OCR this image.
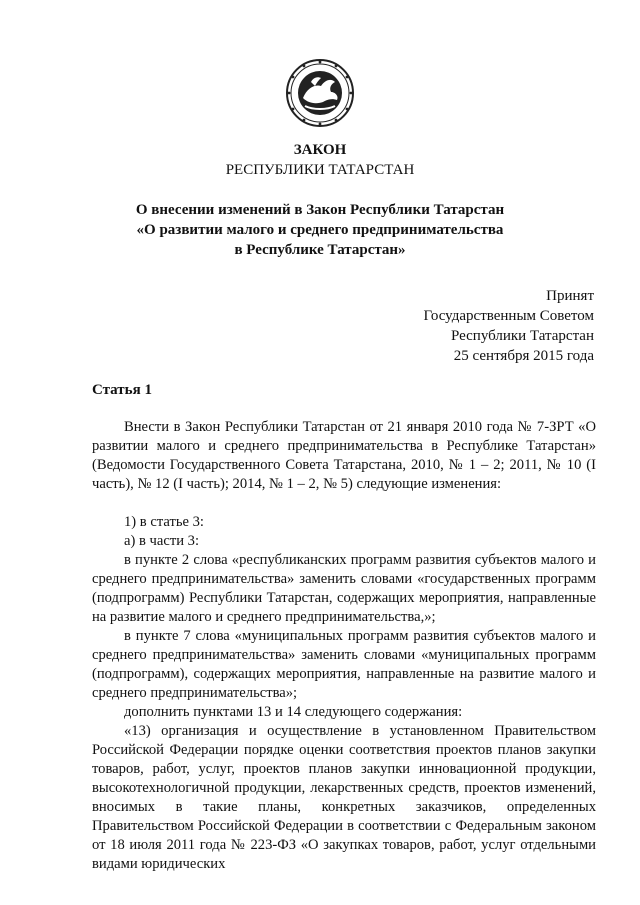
ЗАКОН
РЕСПУБЛИКИ ТАТАРСТАН
О внесении изменений в Закон Республики Татарстан
«О развитии малого и среднего предпринимательства
в Республике Татарстан»
Принят
Государственным Советом
Республики Татарстан
25 сентября 2015 года
Статья 1

Внести в Закон Республики Татарстан от 21 января 2010 года № 7-ЗРТ «О развитии малого и среднего предпринимательства в Республике Татарстан» (Ведомости Государственного Совета Татарстана, 2010, № 1 – 2; 2011, № 10 (I часть), № 12 (I часть); 2014, № 1 – 2, № 5) следующие изменения:

1) в статье 3:

а) в части 3:

в пункте 2 слова «республиканских программ развития субъектов малого и среднего предпринимательства» заменить словами «государственных программ (подпрограмм) Республики Татарстан, содержащих мероприятия, направленные на развитие малого и среднего предпринимательства,»;

в пункте 7 слова «муниципальных программ развития субъектов малого и среднего предпринимательства» заменить словами «муниципальных программ (подпрограмм), содержащих мероприятия, направленные на развитие малого и среднего предпринимательства»;

дополнить пунктами 13 и 14 следующего содержания:

«13) организация и осуществление в установленном Правительством Российской Федерации порядке оценки соответствия проектов планов закупки товаров, работ, услуг, проектов планов закупки инновационной продукции, высокотехнологичной продукции, лекарственных средств, проектов изменений, вносимых в такие планы, конкретных заказчиков, определенных Правительством Российской Федерации в соответствии с Федеральным законом от 18 июля 2011 года № 223-ФЗ «О закупках товаров, работ, услуг отдельными видами юридических
